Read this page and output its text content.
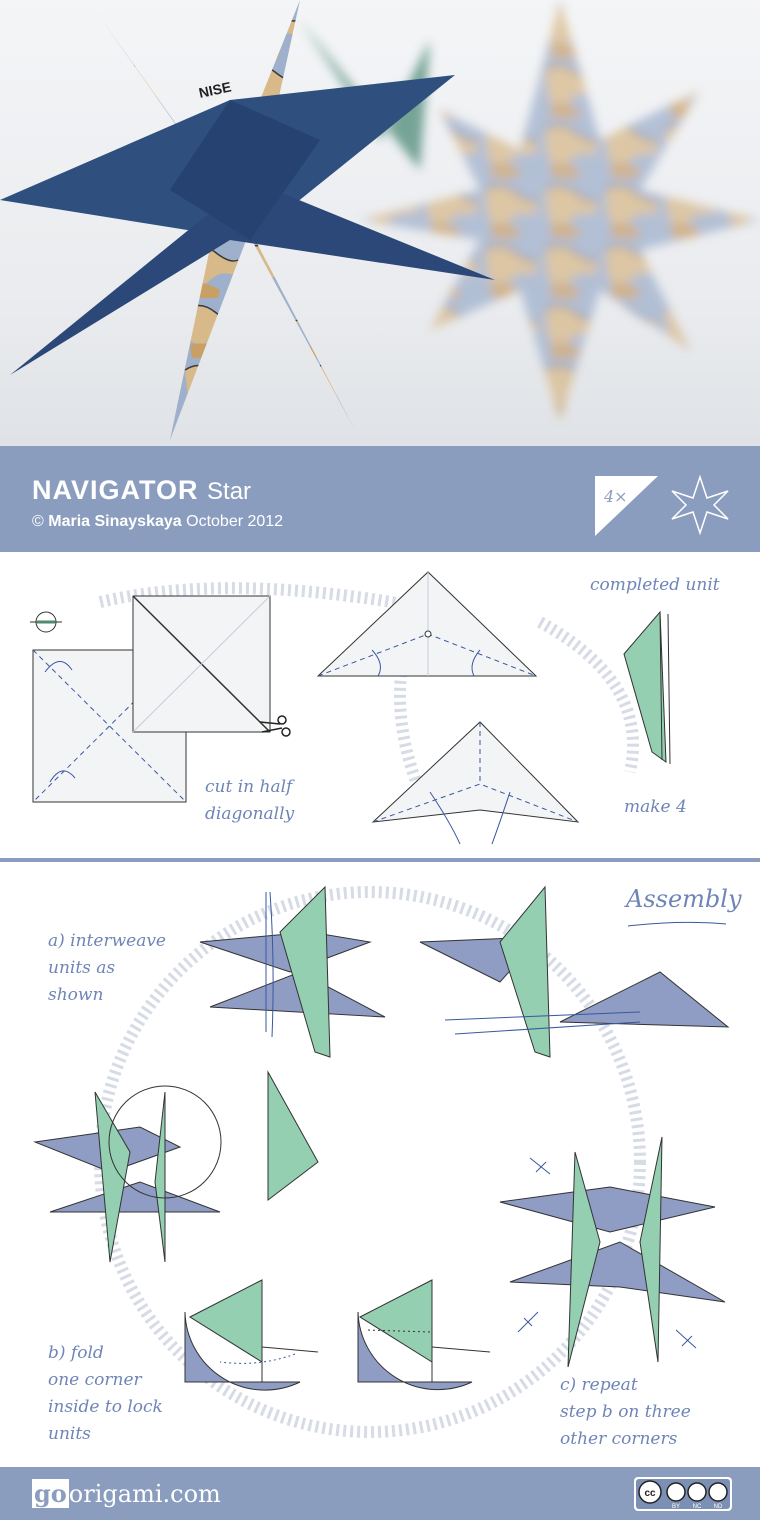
NISE
NAVIGATOR Star
© Maria Sinayskaya October 2012
4×
cut in half
diagonally
completed unit
make 4
Assembly
a) interweave
units as
shown
b) fold
one corner
inside to lock
units
c) repeat
step b on three
other corners
goorigami.com	cc
BY NC ND
